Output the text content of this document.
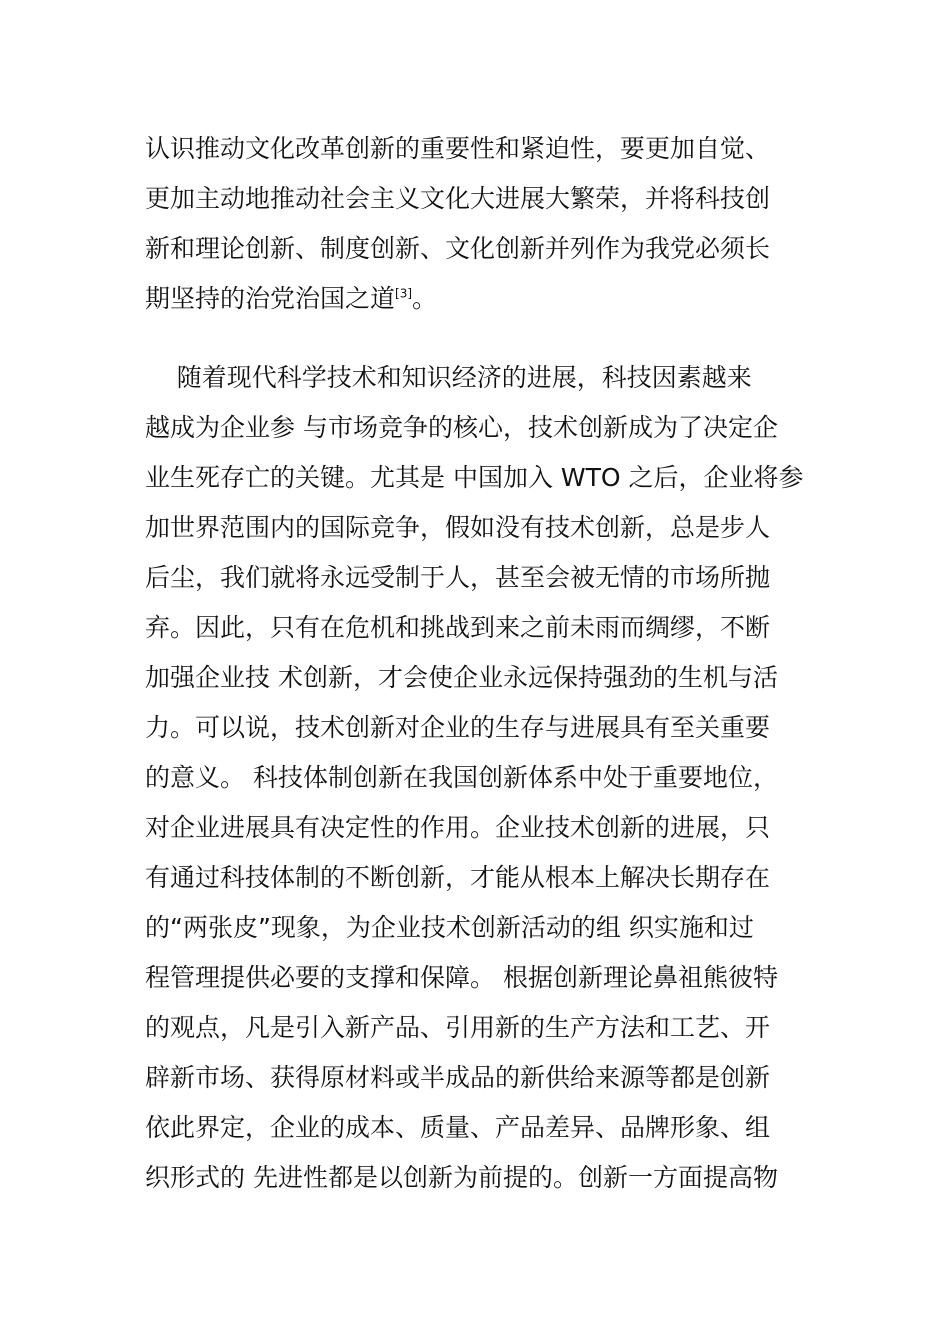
认识推动文化改革创新的重要性和紧迫性，要更加自觉、
更加主动地推动社会主义文化大进展大繁荣，并将科技创
新和理论创新、制度创新、文化创新并列作为我党必须长
期坚持的治党治国之道[3]。
随着现代科学技术和知识经济的进展，科技因素越来
越成为企业参 与市场竞争的核心，技术创新成为了决定企
业生死存亡的关键。尤其是 中国加入 WTO 之后，企业将参
加世界范围内的国际竞争，假如没有技术创新，总是步人
后尘，我们就将永远受制于人，甚至会被无情的市场所抛
弃。因此，只有在危机和挑战到来之前未雨而绸缪，不断
加强企业技 术创新，才会使企业永远保持强劲的生机与活
力。可以说，技术创新对企业的生存与进展具有至关重要
的意义。 科技体制创新在我国创新体系中处于重要地位，
对企业进展具有决定性的作用。企业技术创新的进展，只
有通过科技体制的不断创新，才能从根本上解决长期存在
的“两张皮”现象，为企业技术创新活动的组 织实施和过
程管理提供必要的支撑和保障。 根据创新理论鼻祖熊彼特
的观点，凡是引入新产品、引用新的生产方法和工艺、开
辟新市场、获得原材料或半成品的新供给来源等都是创新
依此界定，企业的成本、质量、产品差异、品牌形象、组
织形式的 先进性都是以创新为前提的。创新一方面提高物
